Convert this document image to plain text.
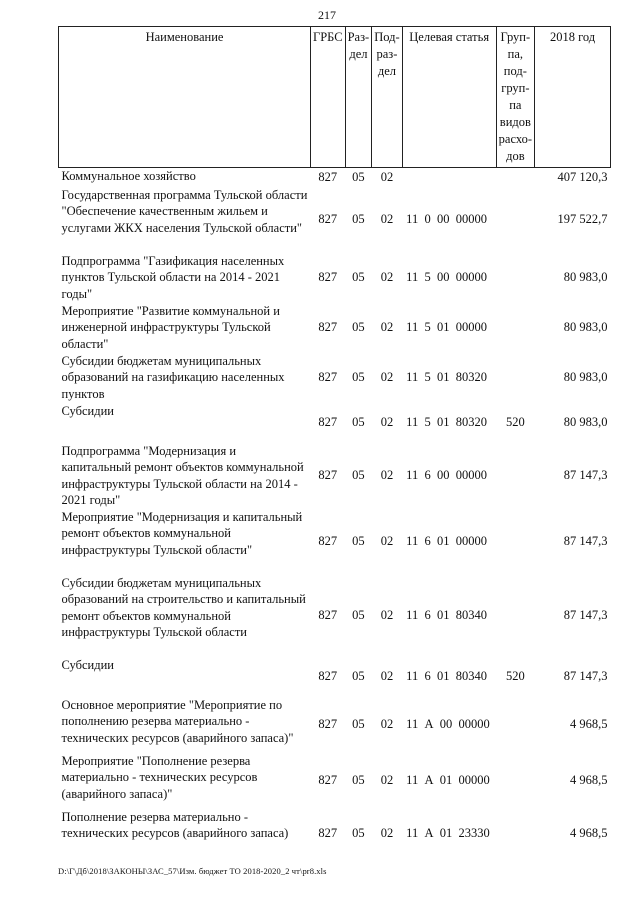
217
Наименование	ГРБС	Раз-дел	Под-раз-дел	Целевая статья	Груп-па, под-груп-па видов расхо-дов	2018 год
Коммунальное хозяйство	827	05	02			407 120,3
Государственная программа Тульской области "Обеспечение качественным жильем и услугами ЖКХ населения Тульской области"	827	05	02	11  0  00  00000		197 522,7
Подпрограмма "Газификация населенных пунктов Тульской области на 2014 - 2021 годы"	827	05	02	11  5  00  00000		80 983,0
Мероприятие "Развитие коммунальной и инженерной инфраструктуры Тульской области"	827	05	02	11  5  01  00000		80 983,0
Субсидии бюджетам муниципальных образований на газификацию населенных пунктов	827	05	02	11  5  01  80320		80 983,0
Субсидии	827	05	02	11  5  01  80320	520	80 983,0
Подпрограмма "Модернизация и капитальный ремонт объектов коммунальной инфраструктуры Тульской области на 2014 - 2021 годы"	827	05	02	11  6  00  00000		87 147,3
Мероприятие "Модернизация и капитальный ремонт объектов коммунальной инфраструктуры Тульской области"	827	05	02	11  6  01  00000		87 147,3
Субсидии бюджетам муниципальных образований на строительство и капитальный ремонт объектов коммунальной инфраструктуры Тульской области	827	05	02	11  6  01  80340		87 147,3
Субсидии	827	05	02	11  6  01  80340	520	87 147,3
Основное мероприятие "Мероприятие по пополнению резерва материально - технических ресурсов (аварийного запаса)"	827	05	02	11  А  00  00000		4 968,5
Мероприятие "Пополнение резерва материально - технических ресурсов (аварийного запаса)"	827	05	02	11  А  01  00000		4 968,5
Пополнение резерва материально - технических ресурсов (аварийного запаса)	827	05	02	11  А  01  23330		4 968,5
D:\Г\Дб\2018\ЗАКОНЫ\ЗАС_57\Изм. бюджет ТО 2018-2020_2 чт\pr8.xls
